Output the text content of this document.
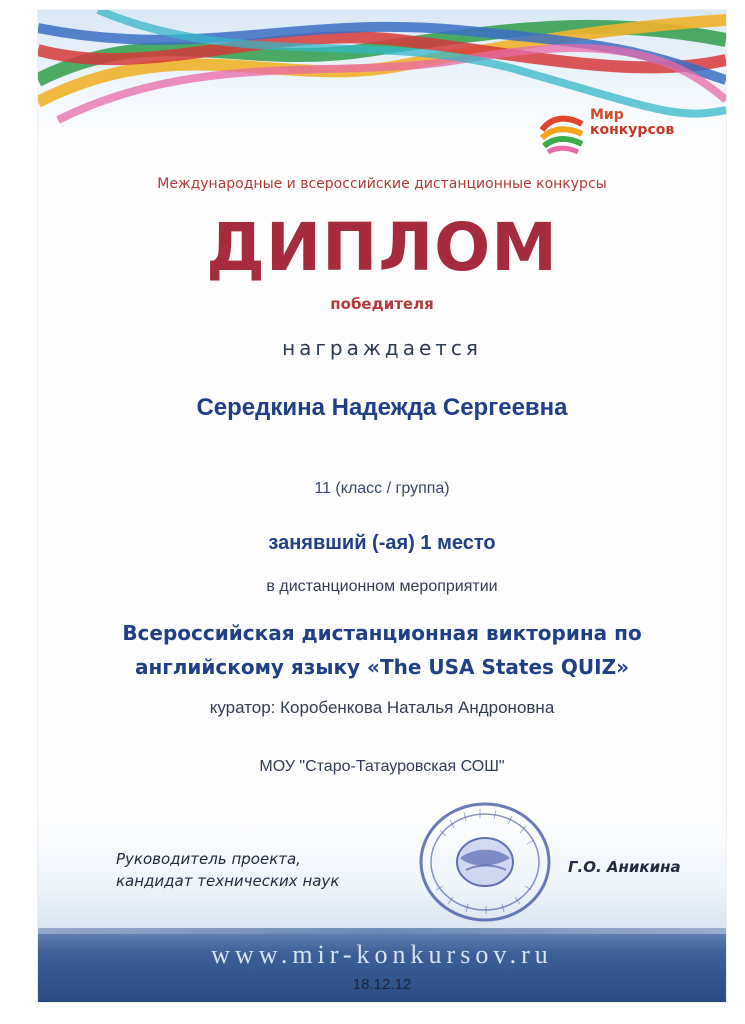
Мир
конкурсов
Международные и всероссийские дистанционные конкурсы
ДИПЛОМ
победителя
награждается
Середкина Надежда Сергеевна
11 (класс / группа)
занявший (-ая) 1 место
в дистанционном мероприятии
Всероссийская дистанционная викторина по
английскому языку «The USA States QUIZ»
куратор: Коробенкова Наталья Андроновна
МОУ "Старо-Татауровская СОШ"
Руководитель проекта,
кандидат технических наук
Г.О. Аникина
www.mir-konkursov.ru
18.12.12
